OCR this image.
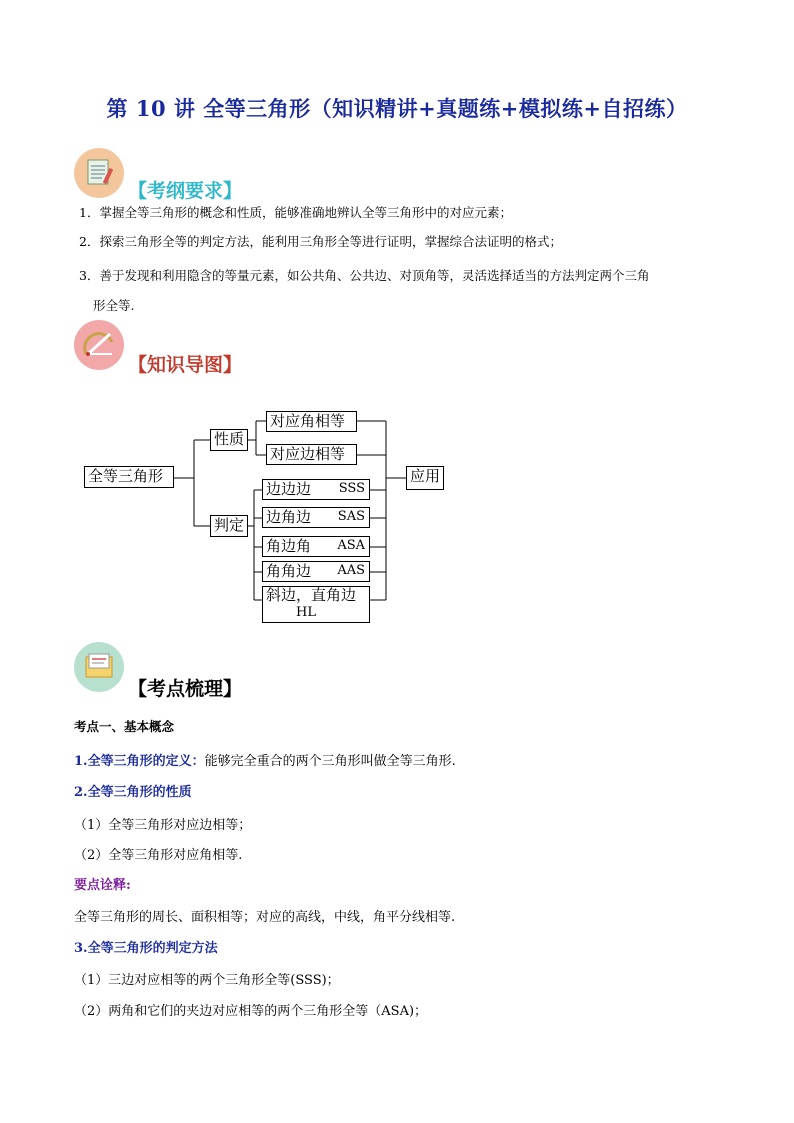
第 10 讲 全等三角形（知识精讲+真题练+模拟练+自招练）
【考纲要求】
1．掌握全等三角形的概念和性质，能够准确地辨认全等三角形中的对应元素；
2．探索三角形全等的判定方法，能利用三角形全等进行证明，掌握综合法证明的格式；
3．善于发现和利用隐含的等量元素，如公共角、公共边、对顶角等，灵活选择适当的方法判定两个三角
形全等.
【知识导图】
全等三角形
性质
判定
对应角相等
对应边相等
边边边 SSS
边角边 SAS
角边角 ASA
角角边 AAS
斜边，直角边
HL
应用
【考点梳理】
考点一、基本概念
1.全等三角形的定义：能够完全重合的两个三角形叫做全等三角形.
2.全等三角形的性质
（1）全等三角形对应边相等；
（2）全等三角形对应角相等.
要点诠释:
全等三角形的周长、面积相等；对应的高线，中线，角平分线相等.
3.全等三角形的判定方法
（1）三边对应相等的两个三角形全等(SSS)；
（2）两角和它们的夹边对应相等的两个三角形全等（ASA)；
